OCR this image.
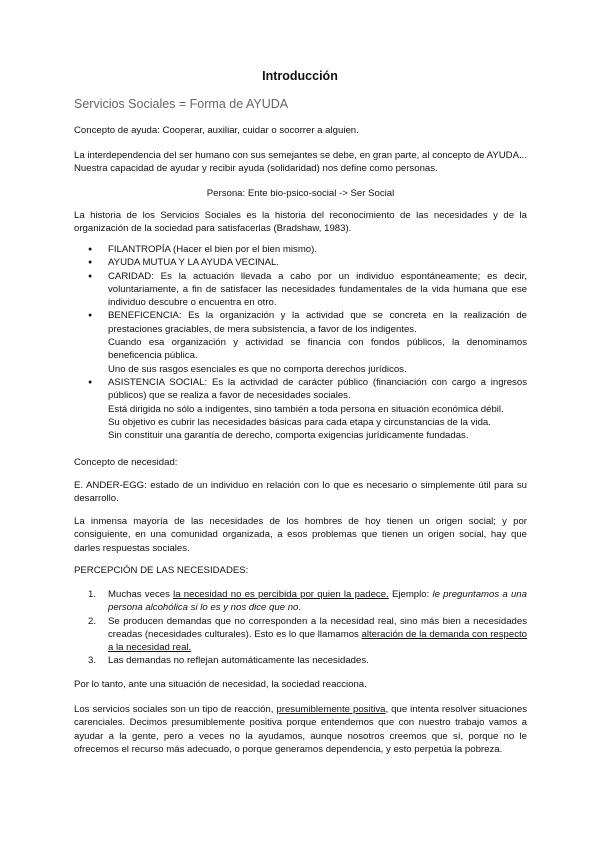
Introducción
Servicios Sociales = Forma de AYUDA

Concepto de ayuda: Cooperar, auxiliar, cuidar o socorrer a alguien.

La interdependencia del ser humano con sus semejantes se debe, en gran parte, al concepto de AYUDA... Nuestra capacidad de ayudar y recibir ayuda (solidaridad) nos define como personas.

Persona: Ente bio-psico-social -> Ser Social

La historia de los Servicios Sociales es la historia del reconocimiento de las necesidades y de la organización de la sociedad para satisfacerlas (Bradshaw, 1983).

● FILANTROPÍA (Hacer el bien por el bien mismo).
● AYUDA MUTUA Y LA AYUDA VECINAL.
● CARIDAD: Es la actuación llevada a cabo por un individuo espontáneamente; es decir, voluntariamente, a fin de satisfacer las necesidades fundamentales de la vida humana que ese individuo descubre o encuentra en otro.
● BENEFICENCIA: Es la organización y la actividad que se concreta en la realización de prestaciones graciables, de mera subsistencia, a favor de los indigentes.
Cuando esa organización y actividad se financia con fondos públicos, la denominamos beneficencia pública.
Uno de sus rasgos esenciales es que no comporta derechos jurídicos.
● ASISTENCIA SOCIAL: Es la actividad de carácter público (financiación con cargo a ingresos públicos) que se realiza a favor de necesidades sociales.
Está dirigida no sólo a indigentes, sino también a toda persona en situación económica débil.
Su objetivo es cubrir las necesidades básicas para cada etapa y circunstancias de la vida.
Sin constituir una garantía de derecho, comporta exigencias jurídicamente fundadas.

Concepto de necesidad:

E. ANDER-EGG: estado de un individuo en relación con lo que es necesario o simplemente útil para su desarrollo.

La inmensa mayoría de las necesidades de los hombres de hoy tienen un origen social; y por consiguiente, en una comunidad organizada, a esos problemas que tienen un origen social, hay que darles respuestas sociales.

PERCEPCIÓN DE LAS NECESIDADES:

1. Muchas veces la necesidad no es percibida por quien la padece. Ejemplo: le preguntamos a una persona alcohólica si lo es y nos dice que no.
2. Se producen demandas que no corresponden a la necesidad real, sino más bien a necesidades creadas (necesidades culturales). Esto es lo que llamamos alteración de la demanda con respecto a la necesidad real.
3. Las demandas no reflejan automáticamente las necesidades.

Por lo tanto, ante una situación de necesidad, la sociedad reacciona.

Los servicios sociales son un tipo de reacción, presumiblemente positiva, que intenta resolver situaciones carenciales. Decimos presumiblemente positiva porque entendemos que con nuestro trabajo vamos a ayudar a la gente, pero a veces no la ayudamos, aunque nosotros creemos que sí, porque no le ofrecemos el recurso más adecuado, o porque generamos dependencia, y esto perpetúa la pobreza.
